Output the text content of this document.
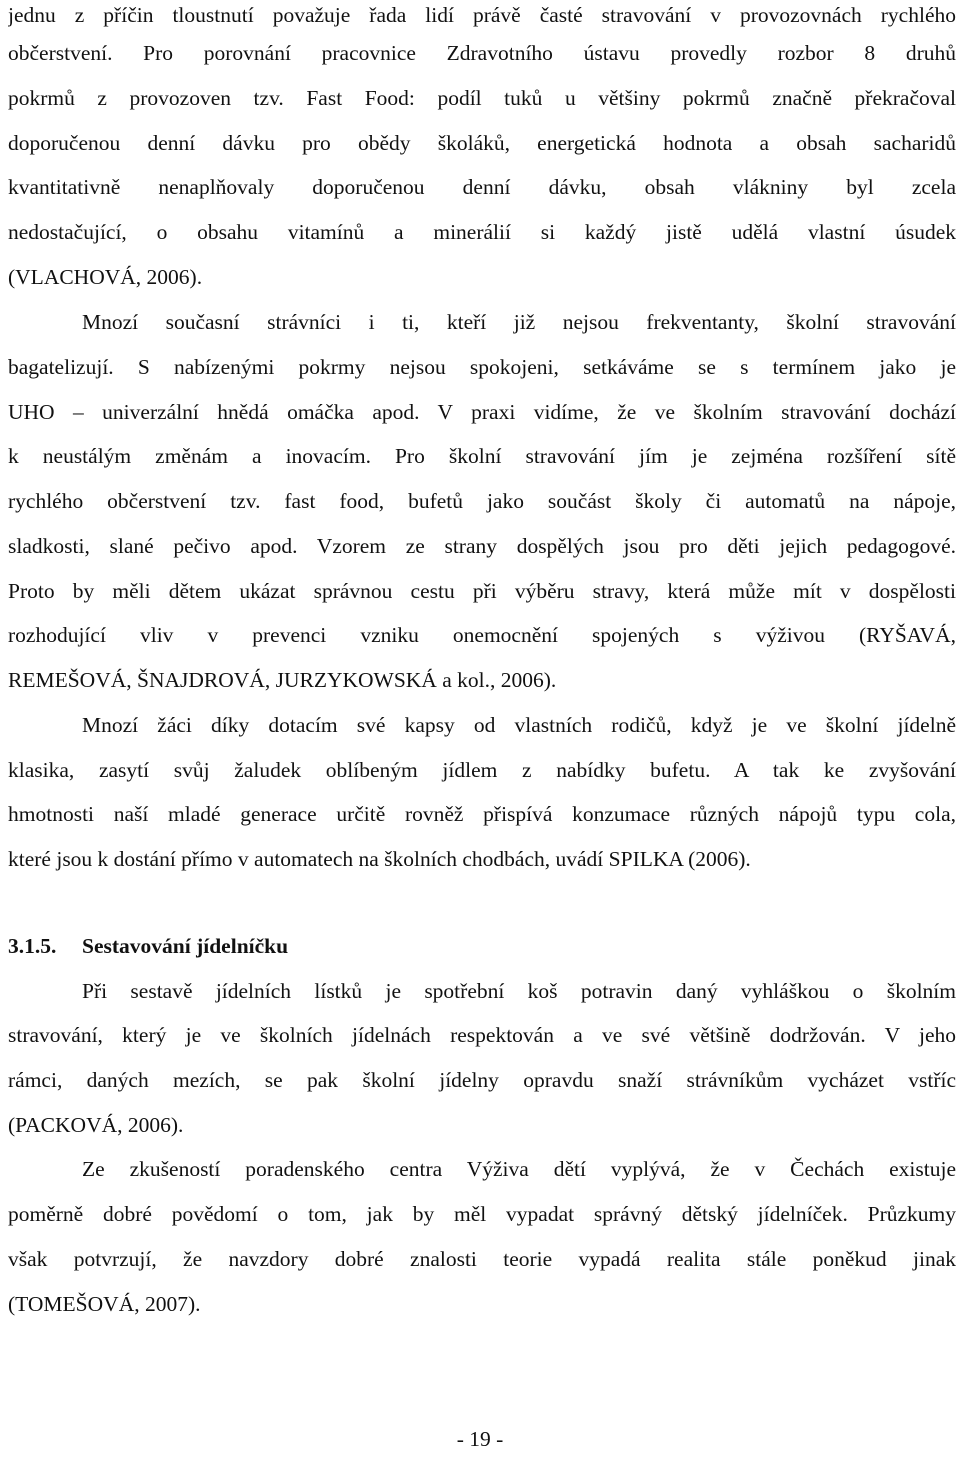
jednu z příčin tloustnutí považuje řada lidí právě časté stravování v provozovnách rychlého
občerstvení. Pro porovnání pracovnice Zdravotního ústavu provedly rozbor 8 druhů
pokrmů z provozoven tzv. Fast Food: podíl tuků u většiny pokrmů značně překračoval
doporučenou denní dávku pro obědy školáků, energetická hodnota a obsah sacharidů
kvantitativně nenaplňovaly doporučenou denní dávku, obsah vlákniny byl zcela
nedostačující, o obsahu vitamínů a minerálií si každý jistě udělá vlastní úsudek
(VLACHOVÁ, 2006).
Mnozí současní strávníci i ti, kteří již nejsou frekventanty, školní stravování
bagatelizují. S nabízenými pokrmy nejsou spokojeni, setkáváme se s termínem jako je
UHO – univerzální hnědá omáčka apod. V praxi vidíme, že ve školním stravování dochází
k neustálým změnám a inovacím. Pro školní stravování jím je zejména rozšíření sítě
rychlého občerstvení tzv. fast food, bufetů jako součást školy či automatů na nápoje,
sladkosti, slané pečivo apod. Vzorem ze strany dospělých jsou pro děti jejich pedagogové.
Proto by měli dětem ukázat správnou cestu při výběru stravy, která může mít v dospělosti
rozhodující vliv v prevenci vzniku onemocnění spojených s výživou (RYŠAVÁ,
REMEŠOVÁ, ŠNAJDROVÁ, JURZYKOWSKÁ a kol., 2006).
Mnozí žáci díky dotacím své kapsy od vlastních rodičů, když je ve školní jídelně
klasika, zasytí svůj žaludek oblíbeným jídlem z nabídky bufetu. A tak ke zvyšování
hmotnosti naší mladé generace určitě rovněž přispívá konzumace různých nápojů typu cola,
které jsou k dostání přímo v automatech na školních chodbách, uvádí SPILKA (2006).
3.1.5. Sestavování jídelníčku
Při sestavě jídelních lístků je spotřební koš potravin daný vyhláškou o školním
stravování, který je ve školních jídelnách respektován a ve své většině dodržován. V jeho
rámci, daných mezích, se pak školní jídelny opravdu snaží strávníkům vycházet vstříc
(PACKOVÁ, 2006).
Ze zkušeností poradenského centra Výživa dětí vyplývá, že v Čechách existuje
poměrně dobré povědomí o tom, jak by měl vypadat správný dětský jídelníček. Průzkumy
však potvrzují, že navzdory dobré znalosti teorie vypadá realita stále poněkud jinak
(TOMEŠOVÁ, 2007).
- 19 -
